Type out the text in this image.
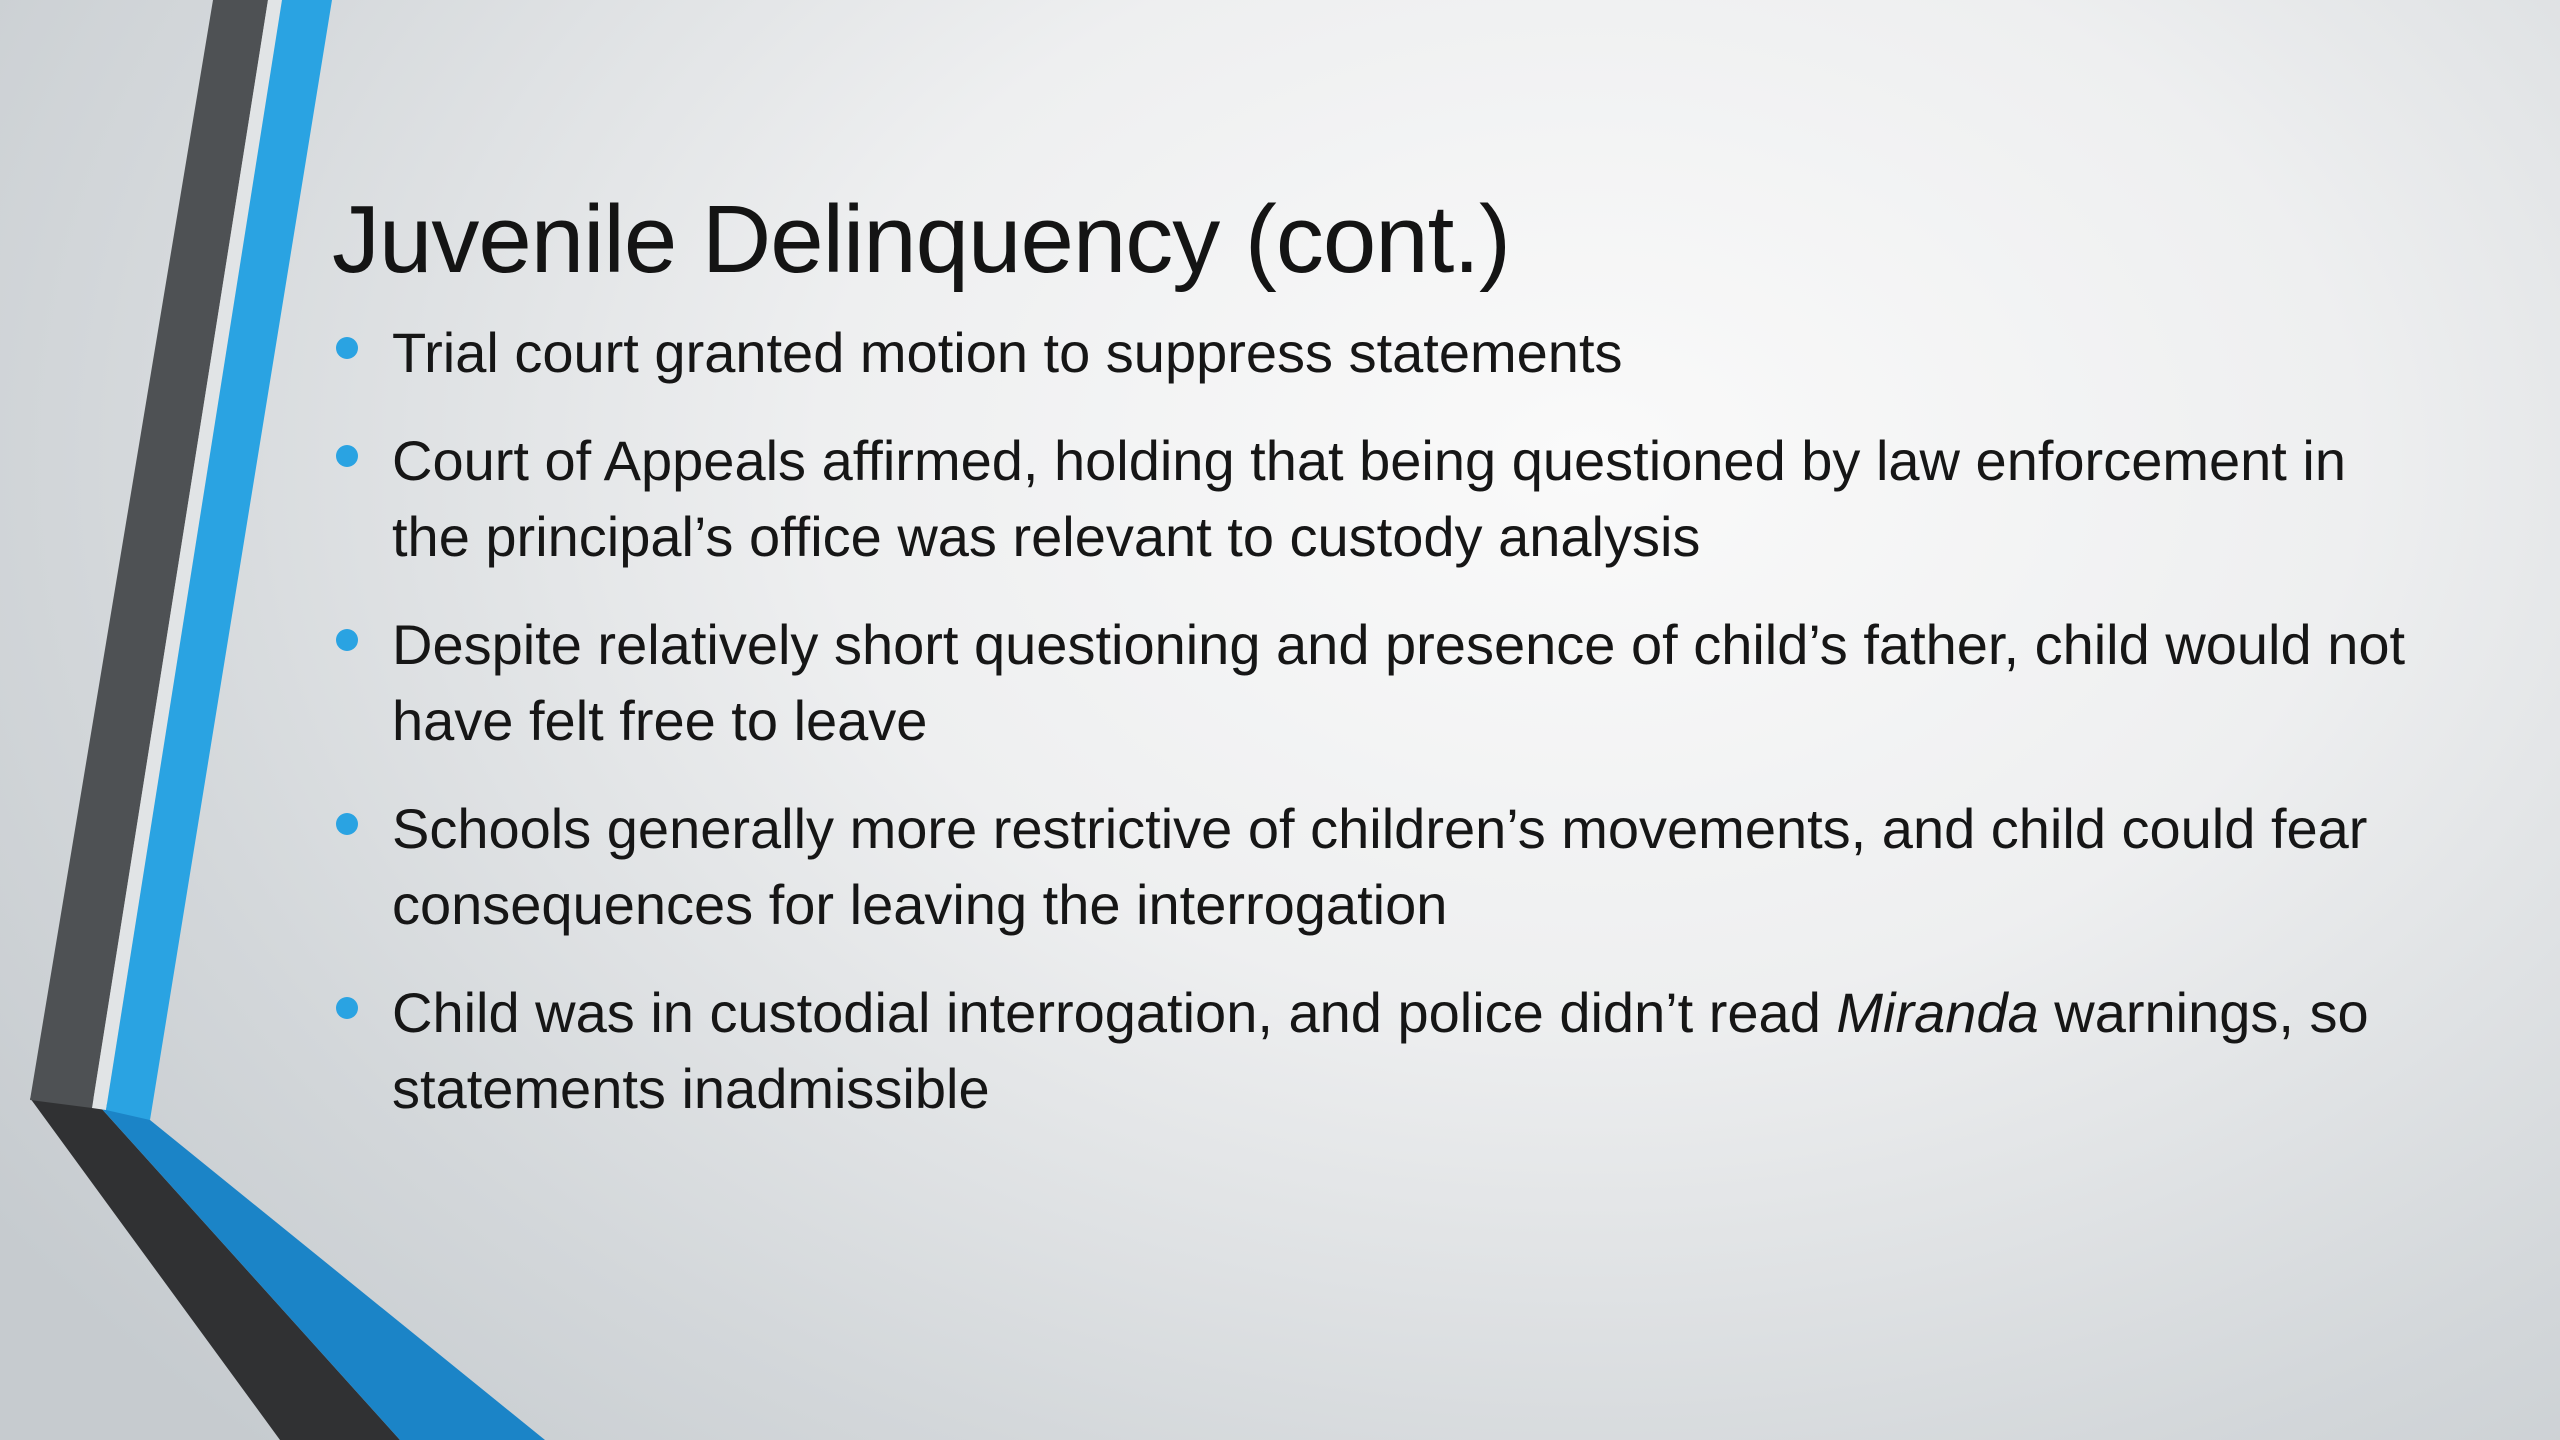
Juvenile Delinquency (cont.)
Trial court granted motion to suppress statements
Court of Appeals affirmed, holding that being questioned by law enforcement in the principal’s office was relevant to custody analysis
Despite relatively short questioning and presence of child’s father, child would not have felt free to leave
Schools generally more restrictive of children’s movements, and child could fear consequences for leaving the interrogation
Child was in custodial interrogation, and police didn’t read Miranda warnings, so statements inadmissible
